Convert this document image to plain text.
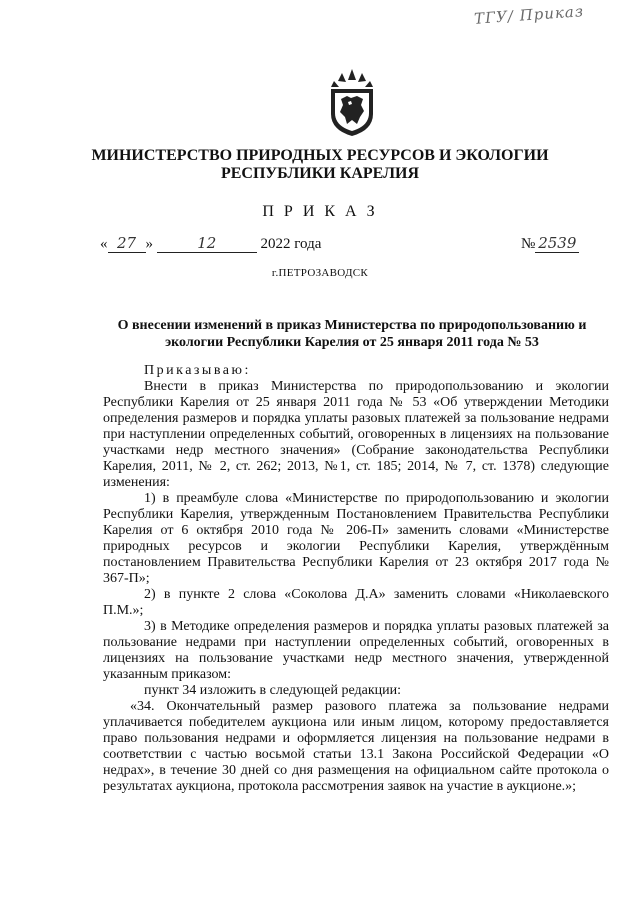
ТГУ/ Приказ
МИНИСТЕРСТВО ПРИРОДНЫХ РЕСУРСОВ И ЭКОЛОГИИ
РЕСПУБЛИКИ КАРЕЛИЯ
П Р И К А З
« 27 »	12	2022 года	№ 2539
г.ПЕТРОЗАВОДСК
О внесении изменений в приказ Министерства по природопользованию и
экологии Республики Карелия от 25 января 2011 года № 53

Приказываю:

Внести в приказ Министерства по природопользованию и экологии Республики Карелия от 25 января 2011 года № 53 «Об утверждении Методики определения размеров и порядка уплаты разовых платежей за пользование недрами при наступлении определенных событий, оговоренных в лицензиях на пользование участками недр местного значения» (Собрание законодательства Республики Карелия, 2011, № 2, ст. 262; 2013, №1, ст. 185; 2014, № 7, ст. 1378) следующие изменения:

1) в преамбуле слова «Министерстве по природопользованию и экологии Республики Карелия, утвержденным Постановлением Правительства Республики Карелия от 6 октября 2010 года № 206-П» заменить словами «Министерстве природных ресурсов и экологии Республики Карелия, утверждённым постановлением Правительства Республики Карелия от 23 октября 2017 года № 367-П»;

2) в пункте 2 слова «Соколова Д.А» заменить словами «Николаевского П.М.»;

3) в Методике определения размеров и порядка уплаты разовых платежей за пользование недрами при наступлении определенных событий, оговоренных в лицензиях на пользование участками недр местного значения, утвержденной указанным приказом:

пункт 34 изложить в следующей редакции:

«34. Окончательный размер разового платежа за пользование недрами уплачивается победителем аукциона или иным лицом, которому предоставляется право пользования недрами и оформляется лицензия на пользование недрами в соответствии с частью восьмой статьи 13.1 Закона Российской Федерации «О недрах», в течение 30 дней со дня размещения на официальном сайте протокола о результатах аукциона, протокола рассмотрения заявок на участие в аукционе.»;
